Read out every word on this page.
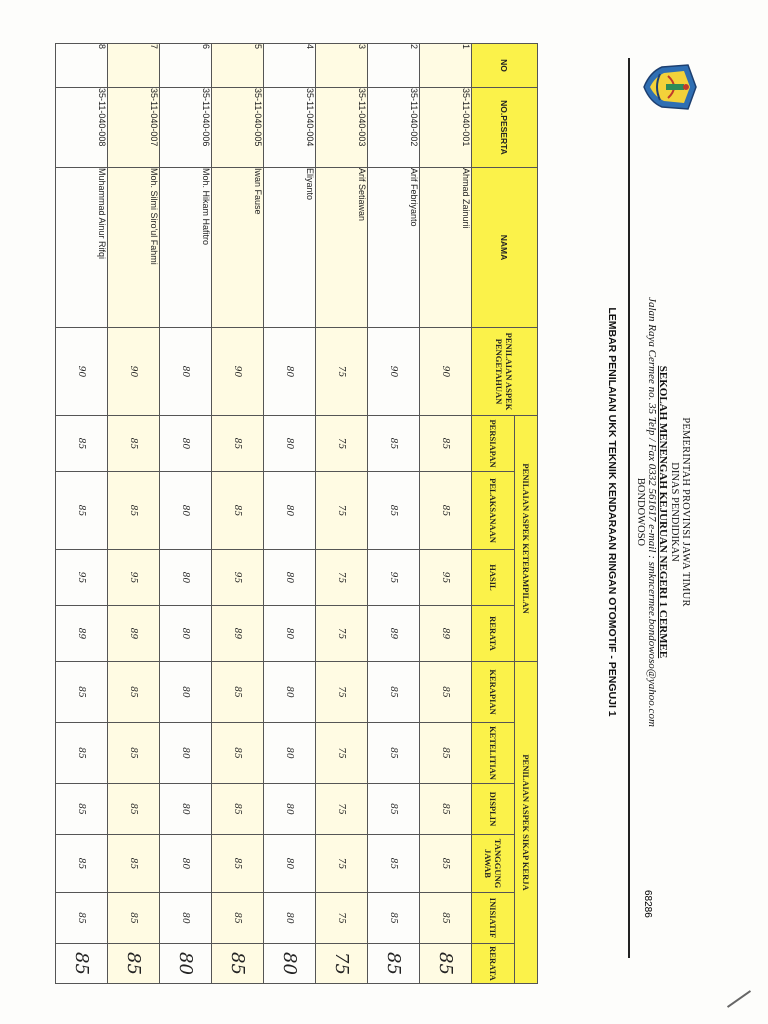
PEMERINTAH PROVINSI JAWA TIMUR
DINAS PENDIDIKAN
SEKOLAH MENENGAH KEJURUAN NEGERI 1 CERMEE
Jalan Raya Cermee no. 35 Telp / Fax 0332 561617 e-mail : smkncermee.bondowoso@yahoo.com
BONDOWOSO
68286
LEMBAR PENILAIAN UKK TEKNIK KENDARAAN RINGAN OTOMOTIF - PENGUJI 1
NO	NO.PESERTA	NAMA	PENILAIAN ASPEK PENGETAHUAN	PENILAIAN ASPEK KETERAMPILAN				PENILAIAN ASPEK SIKAP KERJA					
				PERSIAPAN	PELAKSANAAN	HASIL	RERATA	KERAPIAN	KETELITIAN	DISPLIN	TANGGUNG JAWAB	INISIATIF	RERATA
1	35-11-040-001	Ahmad Zainurii	90	85	85	95	89	85	85	85	85	85	85
2	35-11-040-002	Arif Febriyanto	90	85	85	95	89	85	85	85	85	85	85
3	35-11-040-003	Arif Setiawan	75	75	75	75	75	75	75	75	75	75	75
4	35-11-040-004	Eliyanto	80	80	80	80	80	80	80	80	80	80	80
5	35-11-040-005	Iwan Fause	90	85	85	95	89	85	85	85	85	85	85
6	35-11-040-006	Moh. Hikam Hafitro	80	80	80	80	80	80	80	80	80	80	80
7	35-11-040-007	Moh. Silmi Siro'ul Fahmi	90	85	85	95	89	85	85	85	85	85	85
8	35-11-040-008	Muhammad Ainur Rifqi	90	85	85	95	89	85	85	85	85	85	85
